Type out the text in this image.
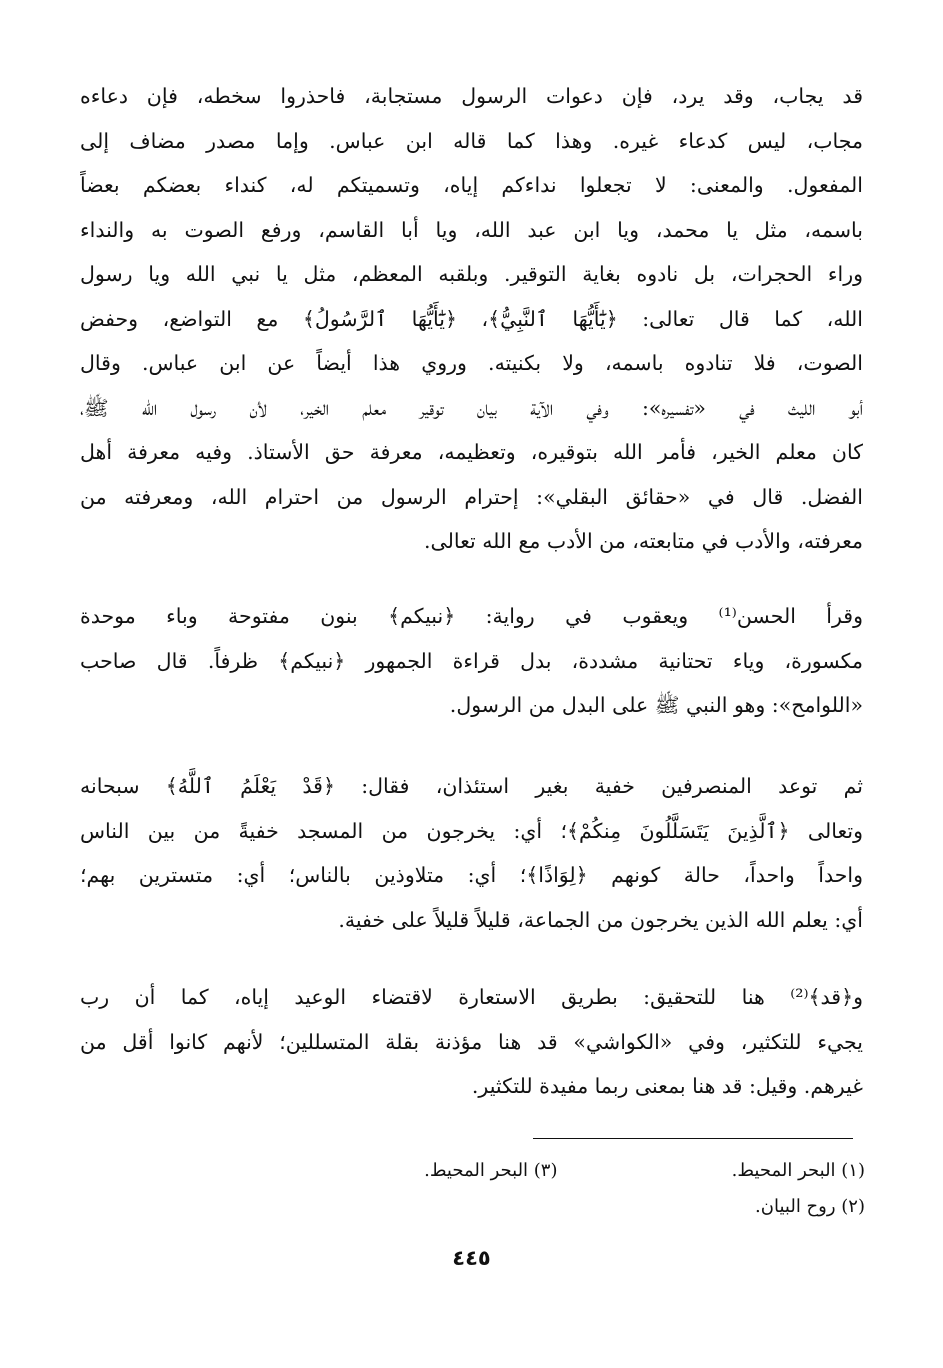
قد يجاب، وقد يرد، فإن دعوات الرسول مستجابة، فاحذروا سخطه، فإن دعاءه
مجاب، ليس كدعاء غيره. وهذا كما قاله ابن عباس. وإما مصدر مضاف إلى
المفعول. والمعنى: لا تجعلوا نداءكم إياه، وتسميتكم له، كنداء بعضكم بعضاً
باسمه، مثل يا محمد، ويا ابن عبد الله، ويا أبا القاسم، ورفع الصوت به والنداء
وراء الحجرات، بل نادوه بغاية التوقير. وبلقبه المعظم، مثل يا نبي الله ويا رسول
الله، كما قال تعالى: ﴿يَٰٓأَيُّهَا ٱلنَّبِيُّ﴾، ﴿يَٰٓأَيُّهَا ٱلرَّسُولُ﴾ مع التواضع، وحفض
الصوت، فلا تنادوه باسمه، ولا بكنيته. وروي هذا أيضاً عن ابن عباس. وقال
أبو الليث في «تفسيره»: وفي الآية بيان توقير معلم الخير، لأن رسول الله ﷺ،
كان معلم الخير، فأمر الله بتوقيره، وتعظيمه، معرفة حق الأستاذ. وفيه معرفة أهل
الفضل. قال في «حقائق البقلي»: إحترام الرسول من احترام الله، ومعرفته من
معرفته، والأدب في متابعته، من الأدب مع الله تعالى.
وقرأ الحسن⁽¹⁾ ويعقوب في رواية: ﴿نبيكم﴾ بنون مفتوحة وباء موحدة
مكسورة، وياء تحتانية مشددة، بدل قراءة الجمهور ﴿نبيكم﴾ ظرفاً. قال صاحب
«اللوامح»: وهو النبي ﷺ على البدل من الرسول.
ثم توعد المنصرفين خفية بغير استئذان، فقال: ﴿قَدْ يَعْلَمُ ٱللَّهُ﴾ سبحانه
وتعالى ﴿ٱلَّذِينَ يَتَسَلَّلُونَ مِنكُمْ﴾؛ أي: يخرجون من المسجد خفيةً من بين الناس
واحداً واحداً، حالة كونهم ﴿لِوَاذًا﴾؛ أي: متلاوذين بالناس؛ أي: متسترين بهم؛
أي: يعلم الله الذين يخرجون من الجماعة، قليلاً قليلاً على خفية.
و﴿قد﴾⁽²⁾ هنا للتحقيق: بطريق الاستعارة لاقتضاء الوعيد إياه، كما أن رب
يجيء للتكثير، وفي «الكواشي» قد هنا مؤذنة بقلة المتسللين؛ لأنهم كانوا أقل من
غيرهم. وقيل: قد هنا بمعنى ربما مفيدة للتكثير.
(١) البحر المحيط.
(٣) البحر المحيط.
(٢) روح البيان.
٤٤٥
